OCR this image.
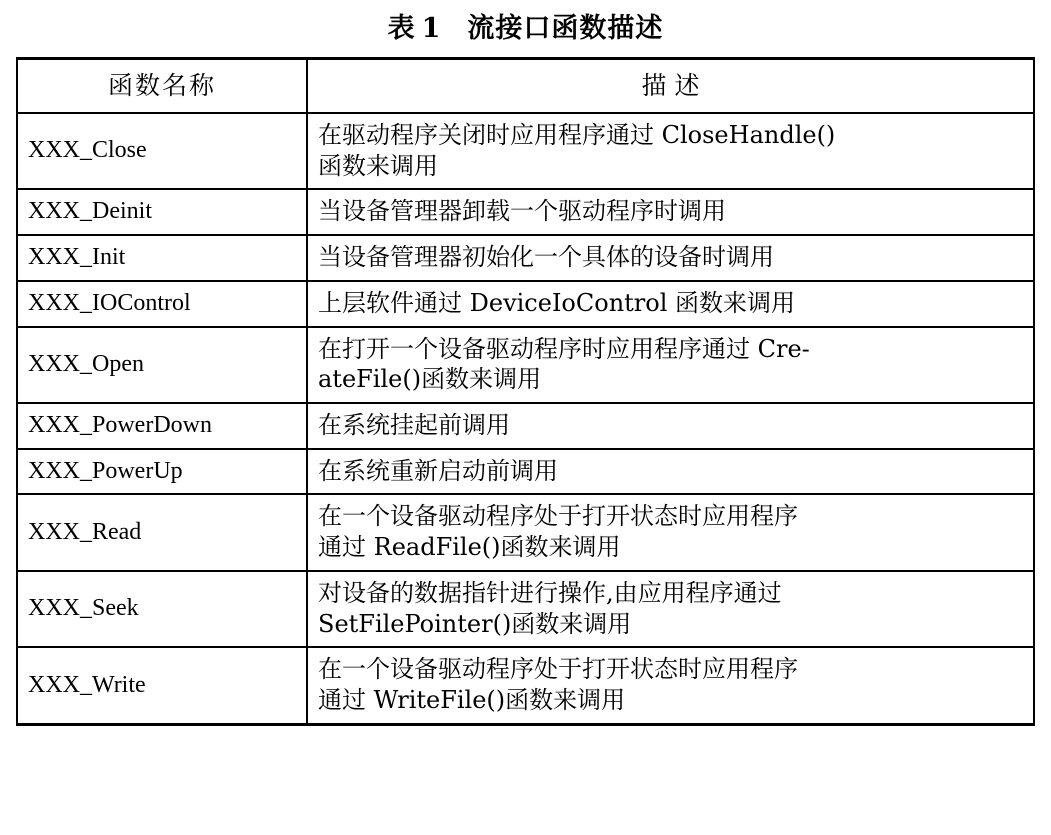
表 1 流接口函数描述
函数名称	描 述
XXX_Close	在驱动程序关闭时应用程序通过 CloseHandle()
函数来调用

XXX_Deinit	当设备管理器卸载一个驱动程序时调用

XXX_Init	当设备管理器初始化一个具体的设备时调用

XXX_IOControl	上层软件通过 DeviceIoControl 函数来调用

XXX_Open	在打开一个设备驱动程序时应用程序通过 Cre-
ateFile()函数来调用

XXX_PowerDown	在系统挂起前调用

XXX_PowerUp	在系统重新启动前调用

XXX_Read	在一个设备驱动程序处于打开状态时应用程序
通过 ReadFile()函数来调用

XXX_Seek	对设备的数据指针进行操作,由应用程序通过
SetFilePointer()函数来调用

XXX_Write	在一个设备驱动程序处于打开状态时应用程序
通过 WriteFile()函数来调用
